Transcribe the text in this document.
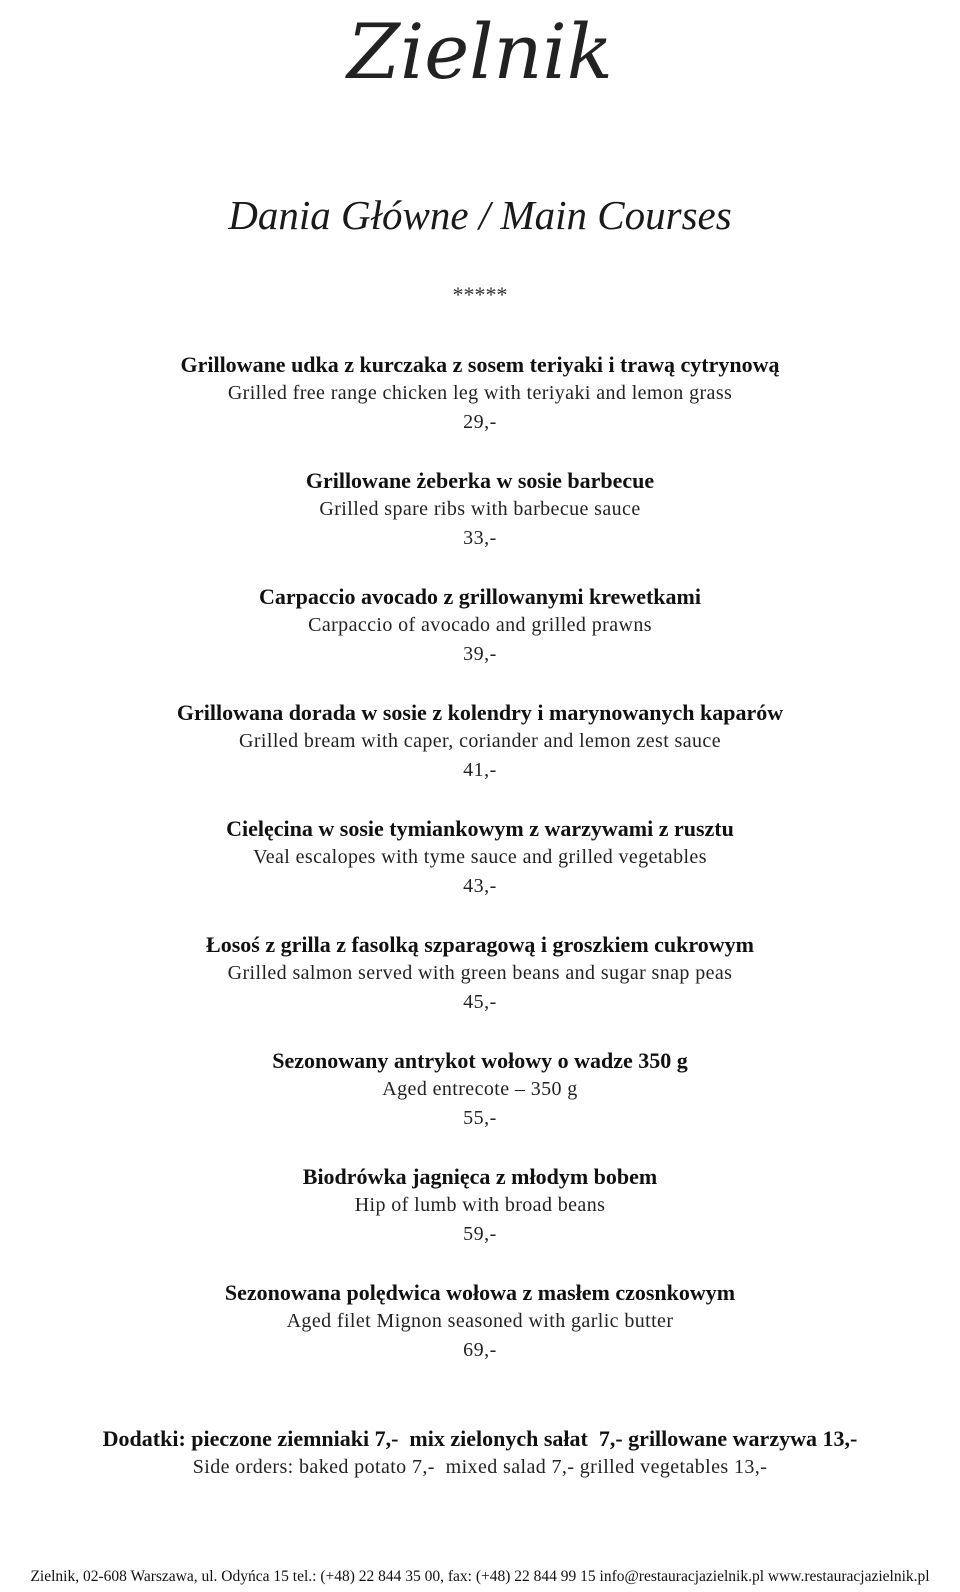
Zielnik
Dania Główne / Main Courses
*****
Grillowane udka z kurczaka z sosem teriyaki i trawą cytrynową
Grilled free range chicken leg with teriyaki and lemon grass
29,-
Grillowane żeberka w sosie barbecue
Grilled spare ribs with barbecue sauce
33,-
Carpaccio avocado z grillowanymi krewetkami
Carpaccio of avocado and grilled prawns
39,-
Grillowana dorada w sosie z kolendry i marynowanych kaparów
Grilled bream with caper, coriander and lemon zest sauce
41,-
Cielęcina w sosie tymiankowym z warzywami z rusztu
Veal escalopes with tyme sauce and grilled vegetables
43,-
Łosoś z grilla z fasolką szparagową i groszkiem cukrowym
Grilled salmon served with green beans and sugar snap peas
45,-
Sezonowany antrykot wołowy o wadze 350 g
Aged entrecote – 350 g
55,-
Biodrówka jagnięca z młodym bobem
Hip of lumb with broad beans
59,-
Sezonowana polędwica wołowa z masłem czosnkowym
Aged filet Mignon seasoned with garlic butter
69,-
Dodatki: pieczone ziemniaki 7,-  mix zielonych sałat  7,- grillowane warzywa 13,-
Side orders: baked potato 7,-  mixed salad 7,- grilled vegetables 13,-
Zielnik, 02-608 Warszawa, ul. Odyńca 15 tel.: (+48) 22 844 35 00, fax: (+48) 22 844 99 15 info@restauracjazielnik.pl www.restauracjazielnik.pl
